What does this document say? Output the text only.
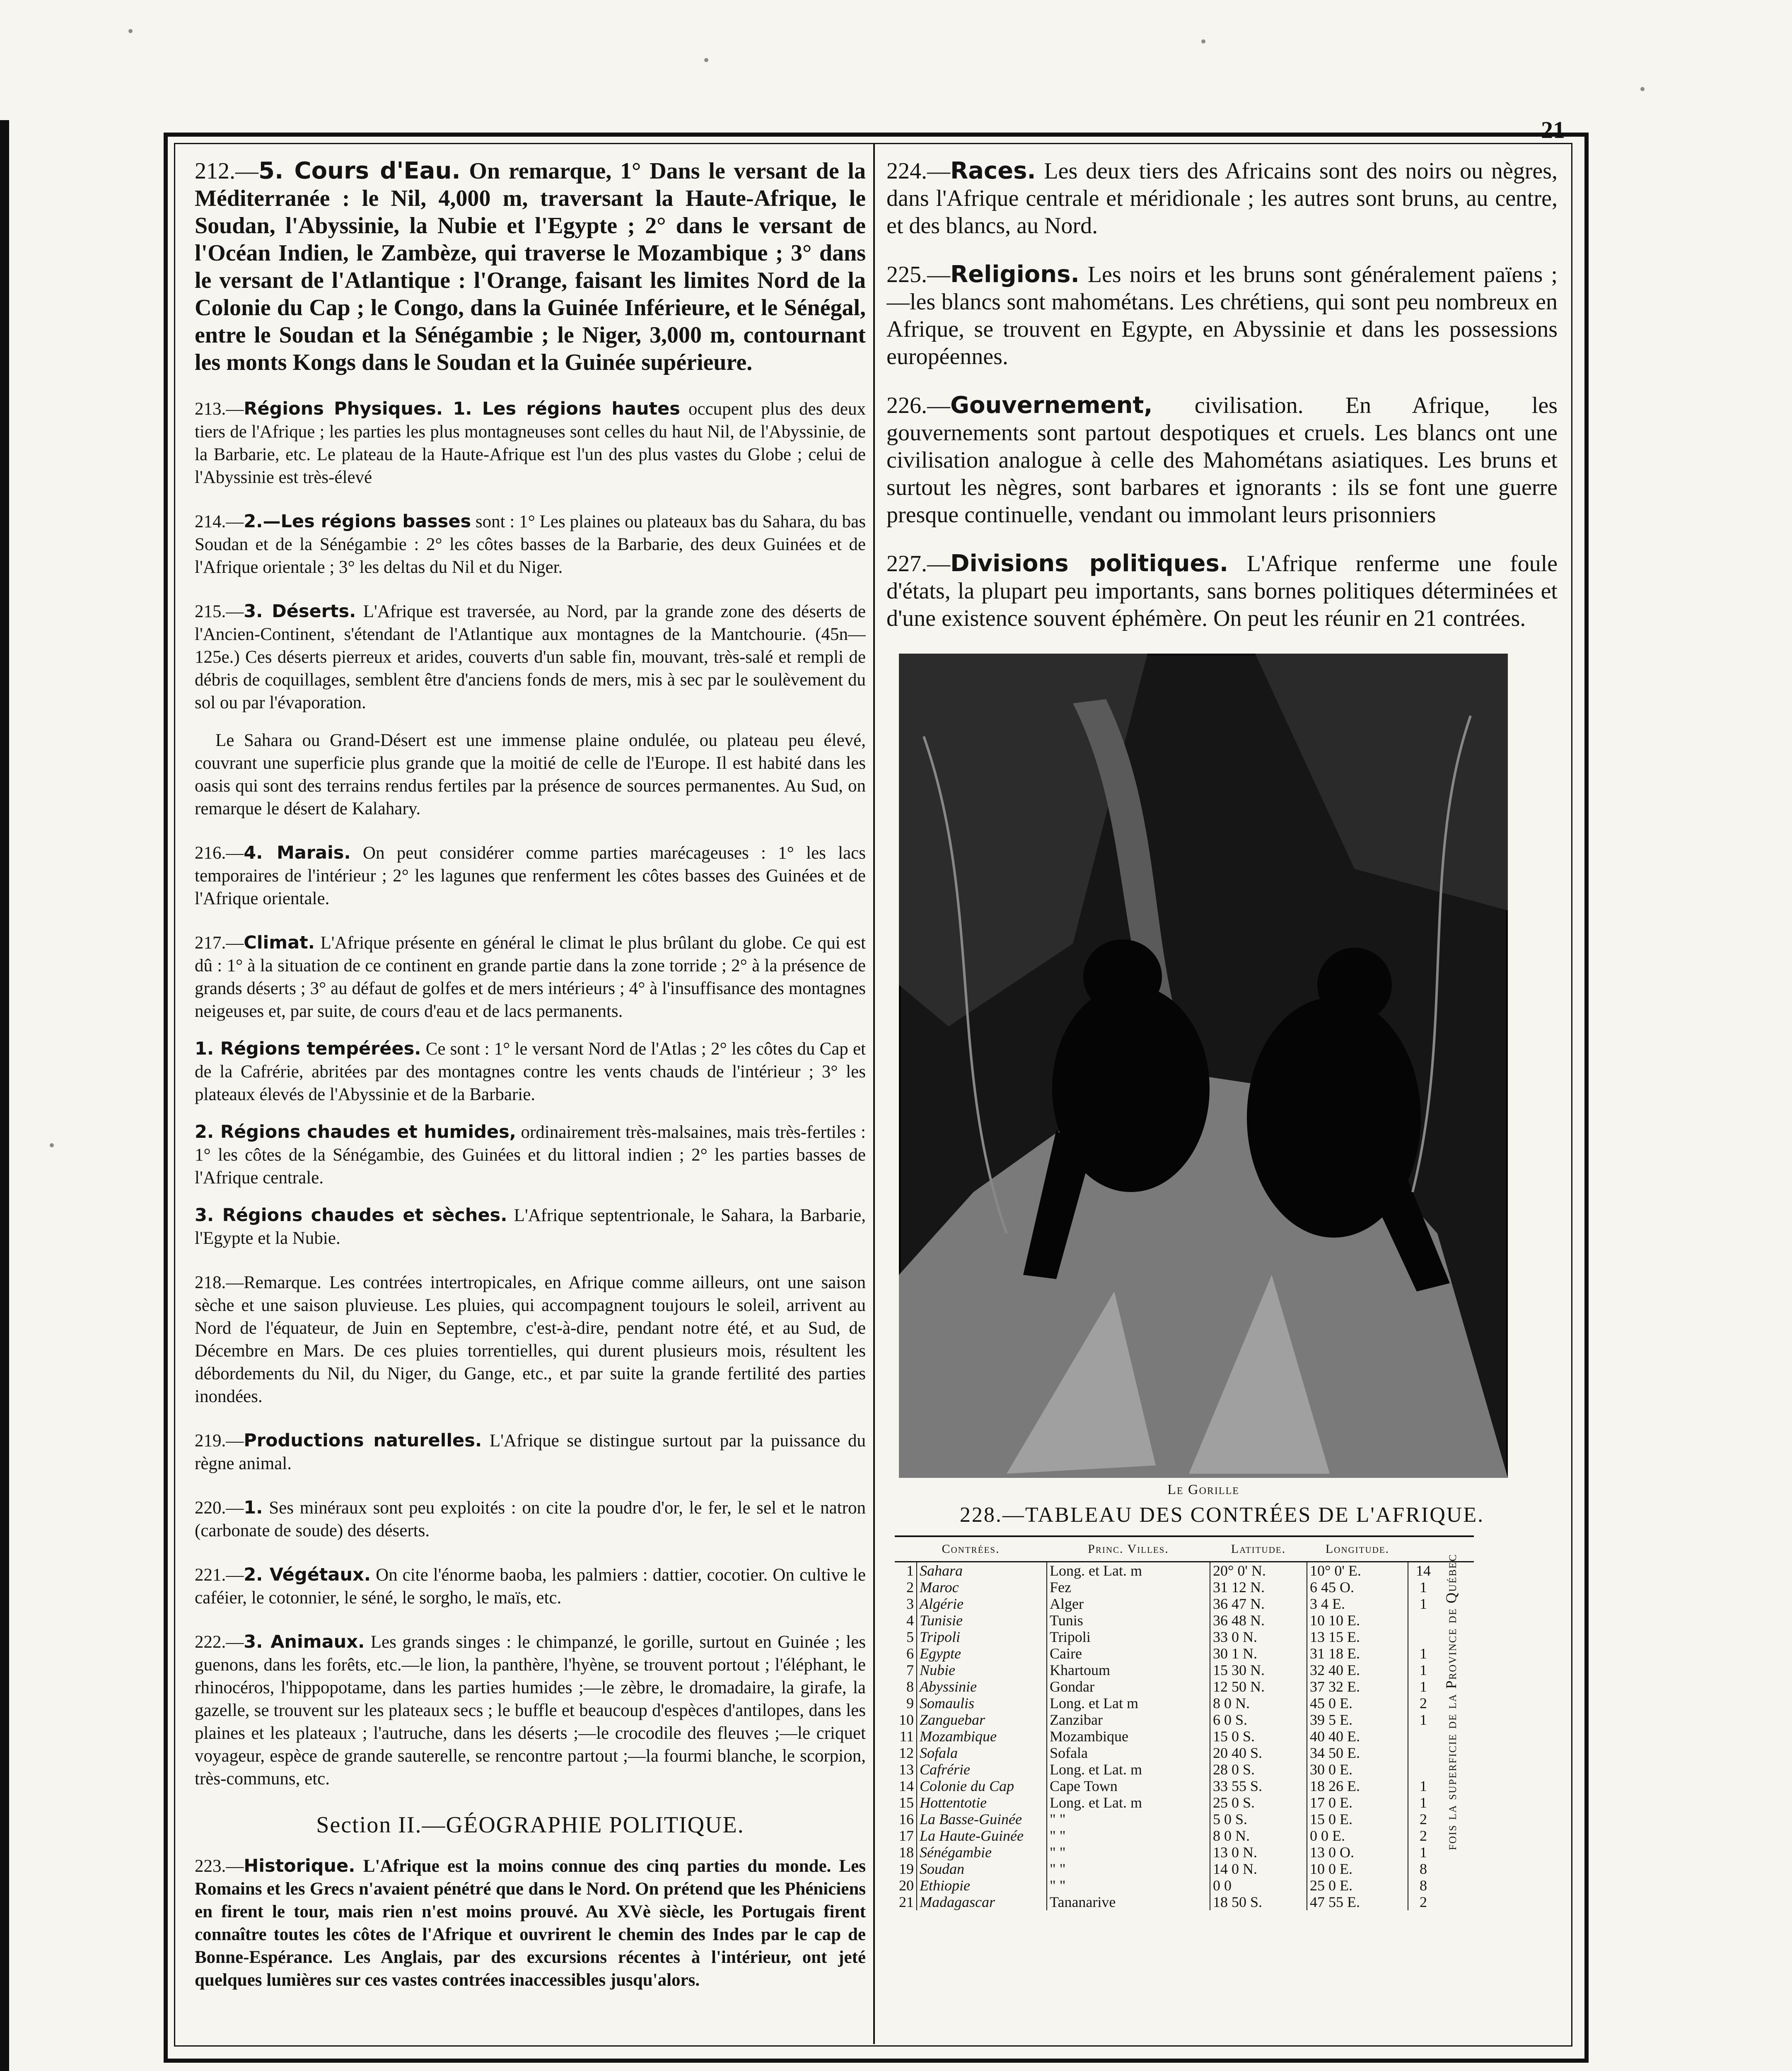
21

212.—5. Cours d'Eau. On remarque, 1° Dans le versant de la Méditerranée : le Nil, 4,000 m, traversant la Haute-Afrique, le Soudan, l'Abyssinie, la Nubie et l'Egypte ; 2° dans le versant de l'Océan Indien, le Zambèze, qui traverse le Mozambique ; 3° dans le versant de l'Atlantique : l'Orange, faisant les limites Nord de la Colonie du Cap ; le Congo, dans la Guinée Inférieure, et le Sénégal, entre le Soudan et la Sénégambie ; le Niger, 3,000 m, contournant les monts Kongs dans le Soudan et la Guinée supérieure.

213.—Régions Physiques. 1. Les régions hautes occupent plus des deux tiers de l'Afrique ; les parties les plus montagneuses sont celles du haut Nil, de l'Abyssinie, de la Barbarie, etc. Le plateau de la Haute-Afrique est l'un des plus vastes du Globe ; celui de l'Abyssinie est très-élevé

214.—2.—Les régions basses sont : 1° Les plaines ou plateaux bas du Sahara, du bas Soudan et de la Sénégambie : 2° les côtes basses de la Barbarie, des deux Guinées et de l'Afrique orientale ; 3° les deltas du Nil et du Niger.

215.—3. Déserts. L'Afrique est traversée, au Nord, par la grande zone des déserts de l'Ancien-Continent, s'étendant de l'Atlantique aux montagnes de la Mantchourie. (45n—125e.) Ces déserts pierreux et arides, couverts d'un sable fin, mouvant, très-salé et rempli de débris de coquillages, semblent être d'anciens fonds de mers, mis à sec par le soulèvement du sol ou par l'évaporation.

Le Sahara ou Grand-Désert est une immense plaine ondulée, ou plateau peu élevé, couvrant une superficie plus grande que la moitié de celle de l'Europe. Il est habité dans les oasis qui sont des terrains rendus fertiles par la présence de sources permanentes. Au Sud, on remarque le désert de Kalahary.

216.—4. Marais. On peut considérer comme parties marécageuses : 1° les lacs temporaires de l'intérieur ; 2° les lagunes que renferment les côtes basses des Guinées et de l'Afrique orientale.

217.—Climat. L'Afrique présente en général le climat le plus brûlant du globe. Ce qui est dû : 1° à la situation de ce continent en grande partie dans la zone torride ; 2° à la présence de grands déserts ; 3° au défaut de golfes et de mers intérieurs ; 4° à l'insuffisance des montagnes neigeuses et, par suite, de cours d'eau et de lacs permanents.

1. Régions tempérées. Ce sont : 1° le versant Nord de l'Atlas ; 2° les côtes du Cap et de la Cafrérie, abritées par des montagnes contre les vents chauds de l'intérieur ; 3° les plateaux élevés de l'Abyssinie et de la Barbarie.

2. Régions chaudes et humides, ordinairement très-malsaines, mais très-fertiles : 1° les côtes de la Sénégambie, des Guinées et du littoral indien ; 2° les parties basses de l'Afrique centrale.

3. Régions chaudes et sèches. L'Afrique septentrionale, le Sahara, la Barbarie, l'Egypte et la Nubie.

218.—Remarque. Les contrées intertropicales, en Afrique comme ailleurs, ont une saison sèche et une saison pluvieuse. Les pluies, qui accompagnent toujours le soleil, arrivent au Nord de l'équateur, de Juin en Septembre, c'est-à-dire, pendant notre été, et au Sud, de Décembre en Mars. De ces pluies torrentielles, qui durent plusieurs mois, résultent les débordements du Nil, du Niger, du Gange, etc., et par suite la grande fertilité des parties inondées.

219.—Productions naturelles. L'Afrique se distingue surtout par la puissance du règne animal.

220.—1. Ses minéraux sont peu exploités : on cite la poudre d'or, le fer, le sel et le natron (carbonate de soude) des déserts.

221.—2. Végétaux. On cite l'énorme baoba, les palmiers : dattier, cocotier. On cultive le caféier, le cotonnier, le séné, le sorgho, le maïs, etc.

222.—3. Animaux. Les grands singes : le chimpanzé, le gorille, surtout en Guinée ; les guenons, dans les forêts, etc.—le lion, la panthère, l'hyène, se trouvent portout ; l'éléphant, le rhinocéros, l'hippopotame, dans les parties humides ;—le zèbre, le dromadaire, la girafe, la gazelle, se trouvent sur les plateaux secs ; le buffle et beaucoup d'espèces d'antilopes, dans les plaines et les plateaux ; l'autruche, dans les déserts ;—le crocodile des fleuves ;—le criquet voyageur, espèce de grande sauterelle, se rencontre partout ;—la fourmi blanche, le scorpion, très-communs, etc.

Section II.—GÉOGRAPHIE POLITIQUE.

223.—Historique. L'Afrique est la moins connue des cinq parties du monde. Les Romains et les Grecs n'avaient pénétré que dans le Nord. On prétend que les Phéniciens en firent le tour, mais rien n'est moins prouvé. Au XVè siècle, les Portugais firent connaître toutes les côtes de l'Afrique et ouvrirent le chemin des Indes par le cap de Bonne-Espérance. Les Anglais, par des excursions récentes à l'intérieur, ont jeté quelques lumières sur ces vastes contrées inaccessibles jusqu'alors.

224.—Races. Les deux tiers des Africains sont des noirs ou nègres, dans l'Afrique centrale et méridionale ; les autres sont bruns, au centre, et des blancs, au Nord.

225.—Religions. Les noirs et les bruns sont généralement païens ;—les blancs sont mahométans. Les chrétiens, qui sont peu nombreux en Afrique, se trouvent en Egypte, en Abyssinie et dans les possessions européennes.

226.—Gouvernement, civilisation. En Afrique, les gouvernements sont partout despotiques et cruels. Les blancs ont une civilisation analogue à celle des Mahométans asiatiques. Les bruns et surtout les nègres, sont barbares et ignorants : ils se font une guerre presque continuelle, vendant ou immolant leurs prisonniers

227.—Divisions politiques. L'Afrique renferme une foule d'états, la plupart peu importants, sans bornes politiques déterminées et d'une existence souvent éphémère. On peut les réunir en 21 contrées.

Le Gorille
228.—TABLEAU DES CONTRÉES DE L'AFRIQUE.
Contrées.		Princ. Villes.	Latitude.	Longitude.		fois la superficie de la Province de Québec

1	Sahara	Long. et Lat. m	20° 0' N.	10° 0' E.	14	
2	Maroc	Fez	31 12 N.	6 45 O.	1	
3	Algérie	Alger	36 47 N.	3 4 E.	1	
4	Tunisie	Tunis	36 48 N.	10 10 E.		
5	Tripoli	Tripoli	33 0 N.	13 15 E.		
6	Egypte	Caire	30 1 N.	31 18 E.	1	
7	Nubie	Khartoum	15 30 N.	32 40 E.	1	
8	Abyssinie	Gondar	12 50 N.	37 32 E.	1	
9	Somaulis	Long. et Lat m	8 0 N.	45 0 E.	2	
10	Zanguebar	Zanzibar	6 0 S.	39 5 E.	1	
11	Mozambique	Mozambique	15 0 S.	40 40 E.		
12	Sofala	Sofala	20 40 S.	34 50 E.		
13	Cafrérie	Long. et Lat. m	28 0 S.	30 0 E.		
14	Colonie du Cap	Cape Town	33 55 S.	18 26 E.	1	
15	Hottentotie	Long. et Lat. m	25 0 S.	17 0 E.	1	
16	La Basse-Guinée	" "	5 0 S.	15 0 E.	2	
17	La Haute-Guinée	" "	8 0 N.	0 0 E.	2	
18	Sénégambie	" "	13 0 N.	13 0 O.	1	
19	Soudan	" "	14 0 N.	10 0 E.	8	
20	Ethiopie	" "	0 0	25 0 E.	8	
21	Madagascar	Tananarive	18 50 S.	47 55 E.	2	
